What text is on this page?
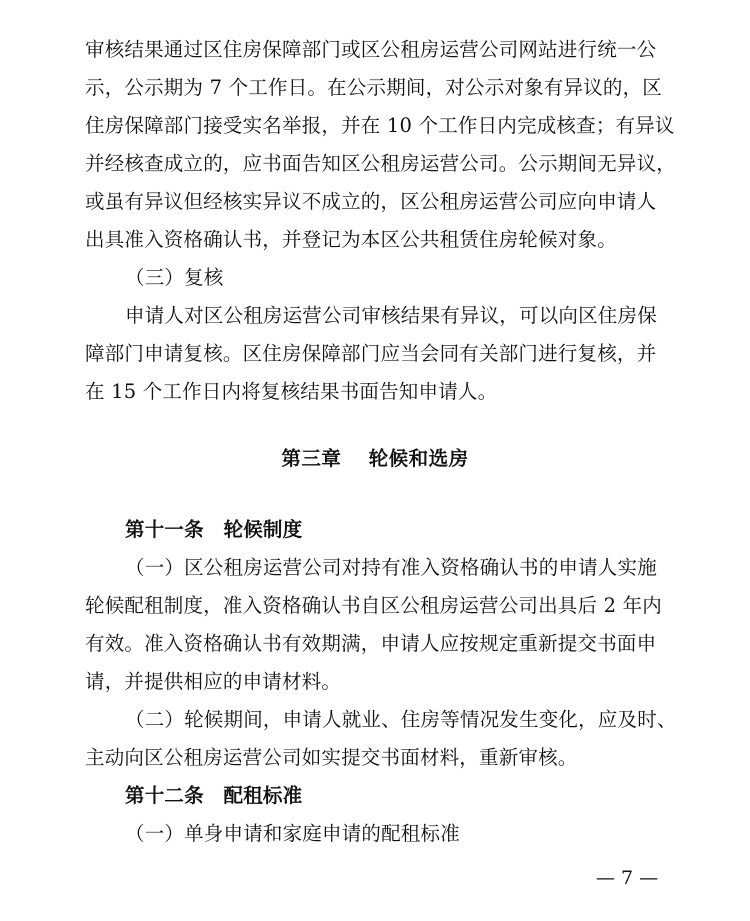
审核结果通过区住房保障部门或区公租房运营公司网站进行统一公
示，公示期为 7 个工作日。在公示期间，对公示对象有异议的，区
住房保障部门接受实名举报，并在 10 个工作日内完成核查；有异议
并经核查成立的，应书面告知区公租房运营公司。公示期间无异议，
或虽有异议但经核实异议不成立的，区公租房运营公司应向申请人
出具准入资格确认书，并登记为本区公共租赁住房轮候对象。
（三）复核
申请人对区公租房运营公司审核结果有异议，可以向区住房保
障部门申请复核。区住房保障部门应当会同有关部门进行复核，并
在 15 个工作日内将复核结果书面告知申请人。
第三章　 轮候和选房
第十一条　轮候制度
（一）区公租房运营公司对持有准入资格确认书的申请人实施
轮候配租制度，准入资格确认书自区公租房运营公司出具后 2 年内
有效。准入资格确认书有效期满，申请人应按规定重新提交书面申
请，并提供相应的申请材料。
（二）轮候期间，申请人就业、住房等情况发生变化，应及时、
主动向区公租房运营公司如实提交书面材料，重新审核。
第十二条　配租标准
（一）单身申请和家庭申请的配租标准
— 7 —
